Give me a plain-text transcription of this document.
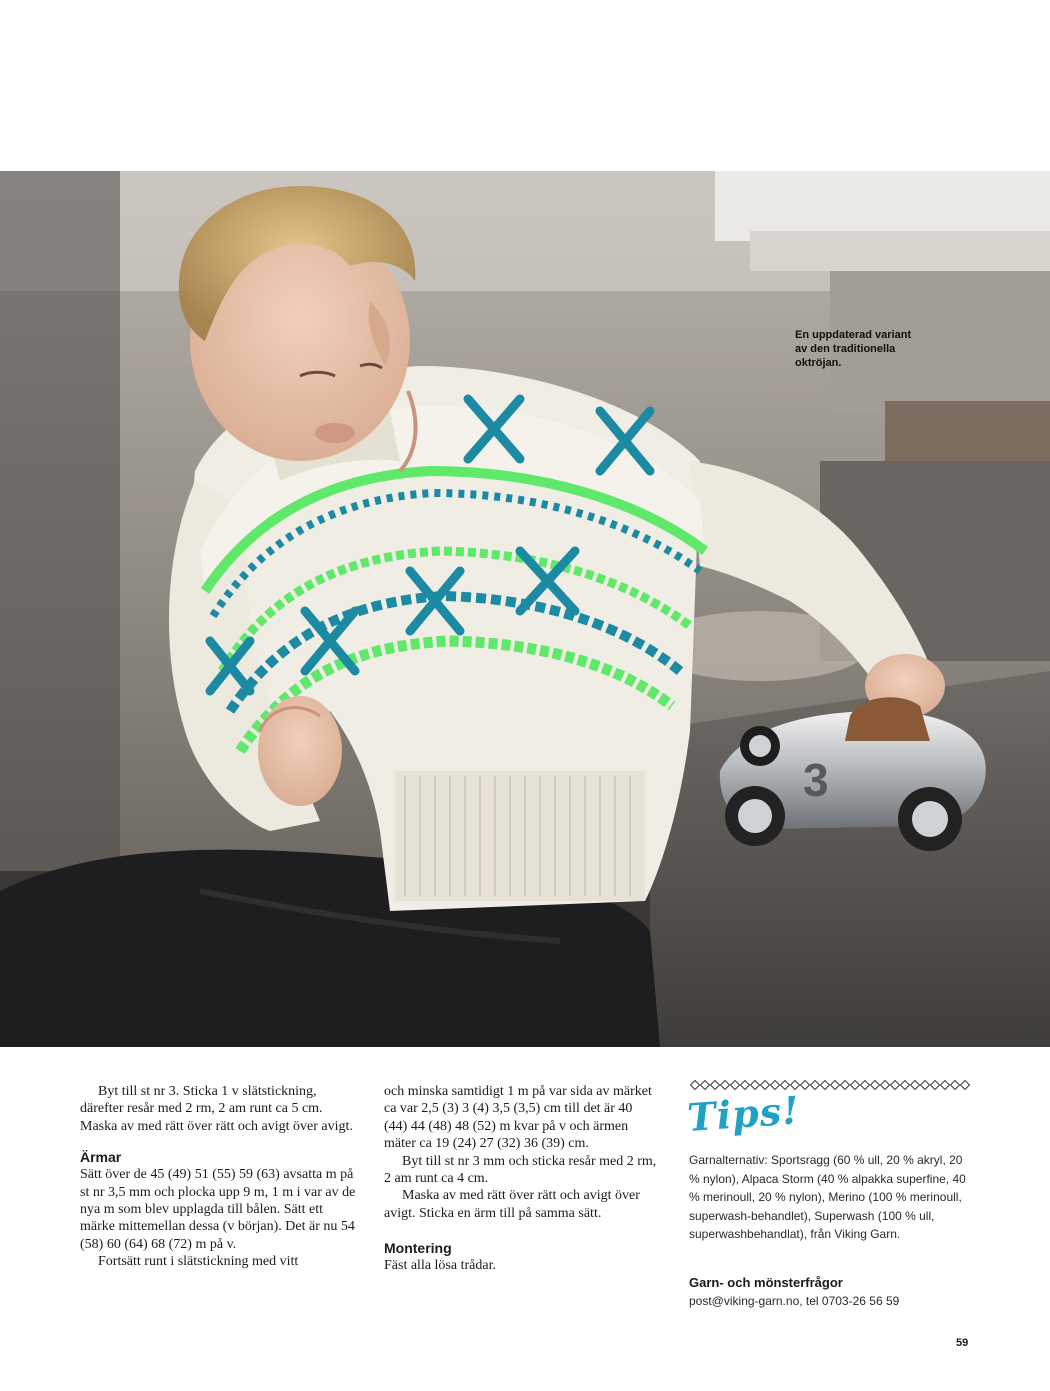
3
En uppdaterad variant
av den traditionella
oktröjan.

Byt till st nr 3. Sticka 1 v slätstickning, därefter resår med 2 rm, 2 am runt ca 5 cm. Maska av med rätt över rätt och avigt över avigt.

Ärmar

Sätt över de 45 (49) 51 (55) 59 (63) avsatta m på st nr 3,5 mm och plocka upp 9 m, 1 m i var av de nya m som blev upplagda till bålen. Sätt ett märke mittemellan dessa (v början). Det är nu 54 (58) 60 (64) 68 (72) m på v.

Fortsätt runt i slätstickning med vitt

och minska samtidigt 1 m på var sida av märket ca var 2,5 (3) 3 (4) 3,5 (3,5) cm till det är 40 (44) 44 (48) 48 (52) m kvar på v och ärmen mäter ca 19 (24) 27 (32) 36 (39) cm.

Byt till st nr 3 mm och sticka resår med 2 rm, 2 am runt ca 4 cm.

Maska av med rätt över rätt och avigt över avigt. Sticka en ärm till på samma sätt.

Montering

Fäst alla lösa trådar.

Tips!
Garnalternativ: Sportsragg (60 % ull, 20 % akryl, 20 % nylon), Alpaca Storm (40 % alpakka superfine, 40 % merinoull, 20 % nylon), Merino (100 % merinoull, superwash-behandlet), Superwash (100 % ull, superwashbehandlat), från Viking Garn.
Garn- och mönsterfrågor
post@viking-garn.no, tel 0703-26 56 59
59
